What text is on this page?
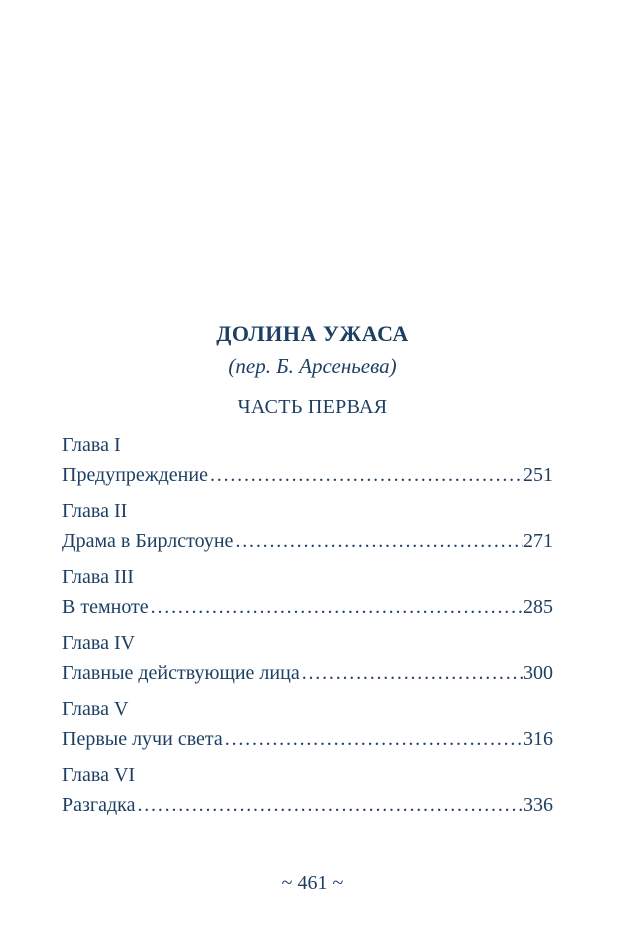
ДОЛИНА УЖАСА
(пер. Б. Арсеньева)
ЧАСТЬ ПЕРВАЯ
Глава I
Предупреждение . . .	251
Глава II
Драма в Бирлстоуне . . .	271
Глава III
В темноте . . .	285
Глава IV
Главные действующие лица . . .	300
Глава V
Первые лучи света . . .	316
Глава VI
Разгадка . . .	336
~ 461 ~
